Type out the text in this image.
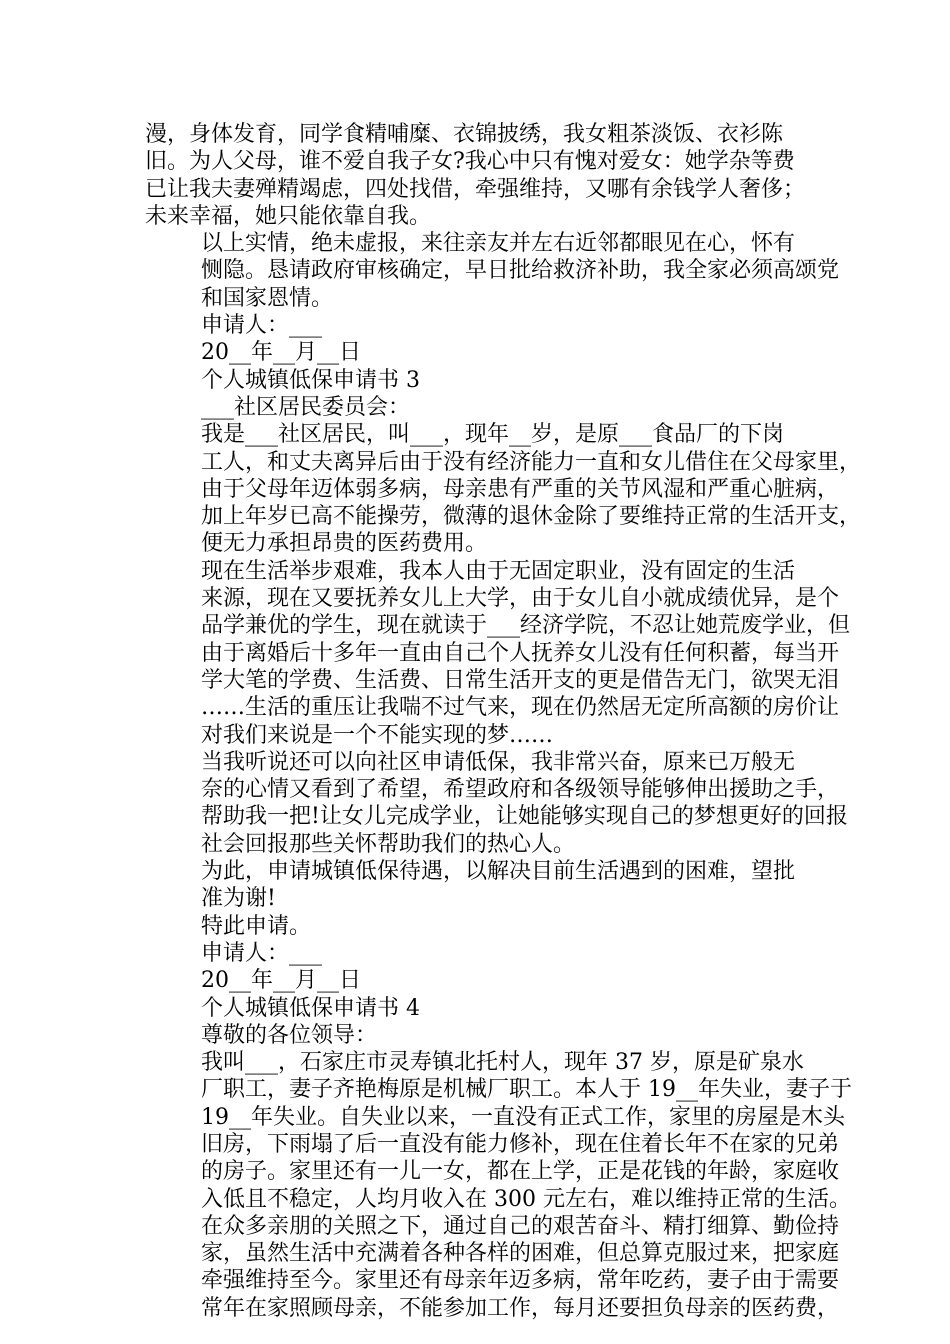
漫，身体发育，同学食精哺糜、衣锦披绣，我女粗茶淡饭、衣衫陈
旧。为人父母，谁不爱自我子女?我心中只有愧对爱女：她学杂等费
已让我夫妻殚精竭虑，四处找借，牵强维持，又哪有余钱学人奢侈；
未来幸福，她只能依靠自我。
以上实情，绝未虚报，来往亲友并左右近邻都眼见在心，怀有
恻隐。恳请政府审核确定，早日批给救济补助，我全家必须高颂党
和国家恩情。
申请人：___
20__年__月__日
个人城镇低保申请书 3
___社区居民委员会：
我是___社区居民，叫___，现年__岁，是原___食品厂的下岗
工人，和丈夫离异后由于没有经济能力一直和女儿借住在父母家里，
由于父母年迈体弱多病，母亲患有严重的关节风湿和严重心脏病，
加上年岁已高不能操劳，微薄的退休金除了要维持正常的生活开支，
便无力承担昂贵的医药费用。
现在生活举步艰难，我本人由于无固定职业，没有固定的生活
来源，现在又要抚养女儿上大学，由于女儿自小就成绩优异，是个
品学兼优的学生，现在就读于___经济学院，不忍让她荒废学业，但
由于离婚后十多年一直由自己个人抚养女儿没有任何积蓄，每当开
学大笔的学费、生活费、日常生活开支的更是借告无门，欲哭无泪
……生活的重压让我喘不过气来，现在仍然居无定所高额的房价让
对我们来说是一个不能实现的梦……
当我听说还可以向社区申请低保，我非常兴奋，原来已万般无
奈的心情又看到了希望，希望政府和各级领导能够伸出援助之手，
帮助我一把!让女儿完成学业，让她能够实现自己的梦想更好的回报
社会回报那些关怀帮助我们的热心人。
为此，申请城镇低保待遇，以解决目前生活遇到的困难，望批
准为谢!
特此申请。
申请人：___
20__年__月__日
个人城镇低保申请书 4
尊敬的各位领导：
我叫___，石家庄市灵寿镇北托村人，现年 37 岁，原是矿泉水
厂职工，妻子齐艳梅原是机械厂职工。本人于 19__年失业，妻子于
19__年失业。自失业以来，一直没有正式工作，家里的房屋是木头
旧房，下雨塌了后一直没有能力修补，现在住着长年不在家的兄弟
的房子。家里还有一儿一女，都在上学，正是花钱的年龄，家庭收
入低且不稳定，人均月收入在 300 元左右，难以维持正常的生活。
在众多亲朋的关照之下，通过自己的艰苦奋斗、精打细算、勤俭持
家，虽然生活中充满着各种各样的困难，但总算克服过来，把家庭
牵强维持至今。家里还有母亲年迈多病，常年吃药，妻子由于需要
常年在家照顾母亲，不能参加工作，每月还要担负母亲的医药费，
